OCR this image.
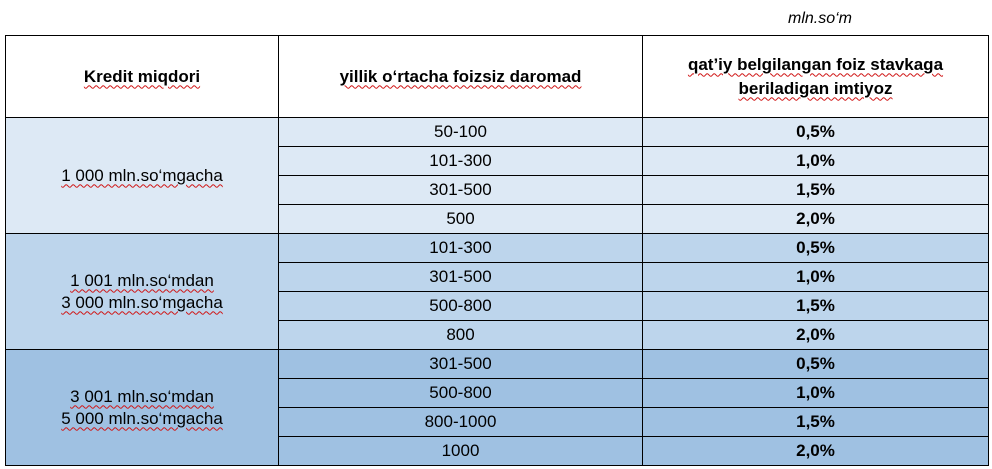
mln.so‘m
Kredit miqdori	yillik o‘rtacha foizsiz daromad	qat’iy belgilangan foiz stavkaga
beriladigan imtiyoz

1 000 mln.so‘mgacha	50-100	0,5%
	101-300	1,0%
	301-500	1,5%
	500	2,0%

1 001 mln.so‘mdan
3 000 mln.so‘mgacha	101-300	0,5%
	301-500	1,0%
	500-800	1,5%
	800	2,0%

3 001 mln.so‘mdan
5 000 mln.so‘mgacha	301-500	0,5%
	500-800	1,0%
	800-1000	1,5%
	1000	2,0%
